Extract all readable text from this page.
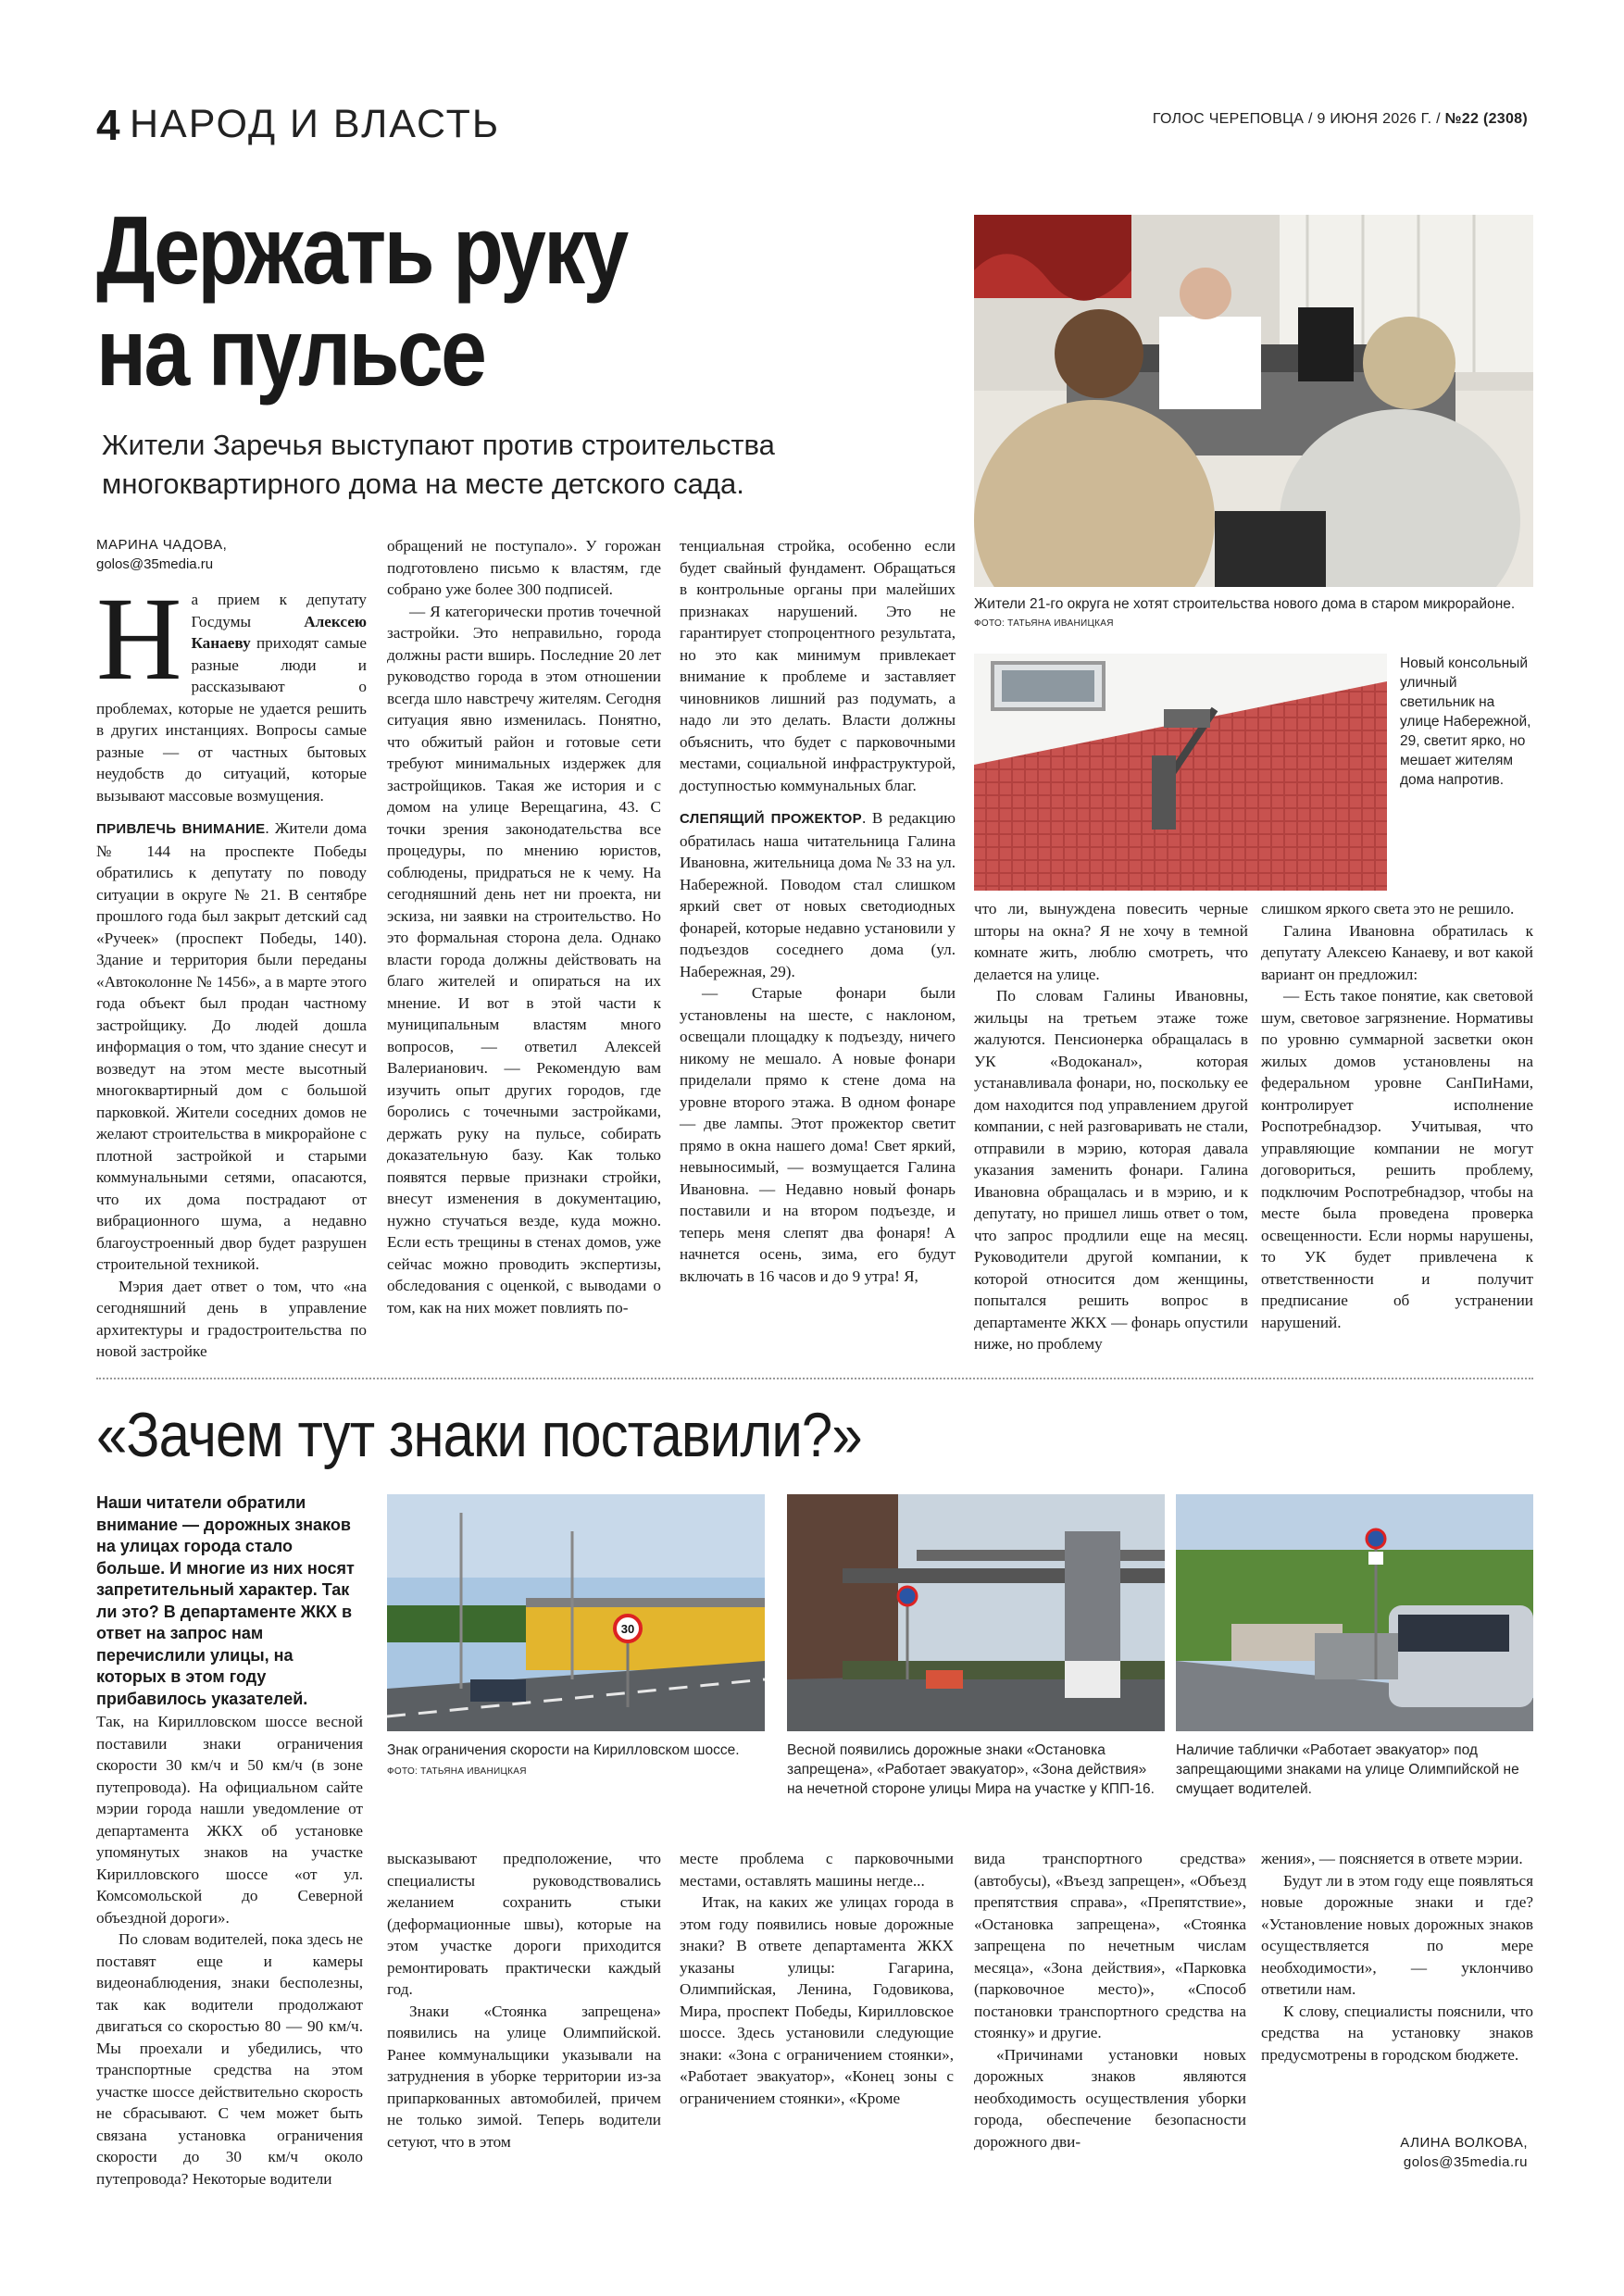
4 НАРОД И ВЛАСТЬ	ГОЛОС ЧЕРЕПОВЦА / 9 ИЮНЯ 2026 Г. / №22 (2308)
Держать руку
на пульсе
Жители Заречья выступают против строительства многоквартирного дома на месте детского сада.
МАРИНА ЧАДОВА,
golos@35media.ru

На прием к депутату Госдумы Алексею Канаеву приходят самые разные люди и рассказывают о проблемах, которые не удается решить в других инстанциях. Вопросы самые разные — от частных бытовых неудобств до ситуаций, которые вызывают массовые возмущения.

ПРИВЛЕЧЬ ВНИМАНИЕ. Жители дома № 144 на проспекте Победы обратились к депутату по поводу ситуации в округе № 21. В сентябре прошлого года был закрыт детский сад «Ручеек» (проспект Победы, 140). Здание и территория были переданы «Автоколонне № 1456», а в марте этого года объект был продан частному застройщику. До людей дошла информация о том, что здание снесут и возведут на этом месте высотный многоквартирный дом с большой парковкой. Жители соседних домов не желают строительства в микрорайоне с плотной застройкой и старыми коммунальными сетями, опасаются, что их дома пострадают от вибрационного шума, а недавно благоустроенный двор будет разрушен строительной техникой.

Мэрия дает ответ о том, что «на сегодняшний день в управление архитектуры и градостроительства по новой застройке

обращений не поступало». У горожан подготовлено письмо к властям, где собрано уже более 300 подписей.

— Я категорически против точечной застройки. Это неправильно, города должны расти вширь. Последние 20 лет руководство города в этом отношении всегда шло навстречу жителям. Сегодня ситуация явно изменилась. Понятно, что обжитый район и готовые сети требуют минимальных издержек для застройщиков. Такая же история и с домом на улице Верещагина, 43. С точки зрения законодательства все процедуры, по мнению юристов, соблюдены, придраться не к чему. На сегодняшний день нет ни проекта, ни эскиза, ни заявки на строительство. Но это формальная сторона дела. Однако власти города должны действовать на благо жителей и опираться на их мнение. И вот в этой части к муниципальным властям много вопросов, — ответил Алексей Валерианович. — Рекомендую вам изучить опыт других городов, где боролись с точечными застройками, держать руку на пульсе, собирать доказательную базу. Как только появятся первые признаки стройки, внесут изменения в документацию, нужно стучаться везде, куда можно. Если есть трещины в стенах домов, уже сейчас можно проводить экспертизы, обследования с оценкой, с выводами о том, как на них может повлиять по-

тенциальная стройка, особенно если будет свайный фундамент. Обращаться в контрольные органы при малейших признаках нарушений. Это не гарантирует стопроцентного результата, но это как минимум привлекает внимание к проблеме и заставляет чиновников лишний раз подумать, а надо ли это делать. Власти должны объяснить, что будет с парковочными местами, социальной инфраструктурой, доступностью коммунальных благ.

СЛЕПЯЩИЙ ПРОЖЕКТОР. В редакцию обратилась наша читательница Галина Ивановна, жительница дома № 33 на ул. Набережной. Поводом стал слишком яркий свет от новых светодиодных фонарей, которые недавно установили у подъездов соседнего дома (ул. Набережная, 29).

— Старые фонари были установлены на шесте, с наклоном, освещали площадку к подъезду, ничего никому не мешало. А новые фонари приделали прямо к стене дома на уровне второго этажа. В одном фонаре — две лампы. Этот прожектор светит прямо в окна нашего дома! Свет яркий, невыносимый, — возмущается Галина Ивановна. — Недавно новый фонарь поставили и на втором подъезде, и теперь меня слепят два фонаря! А начнется осень, зима, его будут включать в 16 часов и до 9 утра! Я,

что ли, вынуждена повесить черные шторы на окна? Я не хочу в темной комнате жить, люблю смотреть, что делается на улице.

По словам Галины Ивановны, жильцы на третьем этаже тоже жалуются. Пенсионерка обращалась в УК «Водоканал», которая устанавливала фонари, но, поскольку ее дом находится под управлением другой компании, с ней разговаривать не стали, отправили в мэрию, которая давала указания заменить фонари. Галина Ивановна обращалась и в мэрию, и к депутату, но пришел лишь ответ о том, что запрос продлили еще на месяц. Руководители другой компании, к которой относится дом женщины, попытался решить вопрос в департаменте ЖКХ — фонарь опустили ниже, но проблему

слишком яркого света это не решило.

Галина Ивановна обратилась к депутату Алексею Канаеву, и вот какой вариант он предложил:

— Есть такое понятие, как световой шум, световое загрязнение. Нормативы по уровню суммарной засветки окон жилых домов установлены на федеральном уровне СанПиНами, контролирует исполнение Роспотребнадзор. Учитывая, что управляющие компании не могут договориться, решить проблему, подключим Роспотребнадзор, чтобы на месте была проведена проверка освещенности. Если нормы нарушены, то УК будет привлечена к ответственности и получит предписание об устранении нарушений.

Жители 21-го округа не хотят строительства нового дома в старом микрорайоне.
ФОТО: ТАТЬЯНА ИВАНИЦКАЯ
Новый консольный уличный светильник на улице Набережной, 29, светит ярко, но мешает жителям дома напротив.
«Зачем тут знаки поставили?»
Наши читатели обратили внимание — дорожных знаков на улицах города стало больше. И многие из них носят запретительный характер. Так ли это? В департаменте ЖКХ в ответ на запрос нам перечислили улицы, на которых в этом году прибавилось указателей.

Так, на Кирилловском шоссе весной поставили знаки ограничения скорости 30 км/ч и 50 км/ч (в зоне путепровода). На официальном сайте мэрии города нашли уведомление от департамента ЖКХ об установке упомянутых знаков на участке Кирилловского шоссе «от ул. Комсомольской до Северной объездной дороги».

По словам водителей, пока здесь не поставят еще и камеры видеонаблюдения, знаки бесполезны, так как водители продолжают двигаться со скоростью 80 — 90 км/ч. Мы проехали и убедились, что транспортные средства на этом участке шоссе действительно скорость не сбрасывают. С чем может быть связана установка ограничения скорости до 30 км/ч около путепровода? Некоторые водители

высказывают предположение, что специалисты руководствовались желанием сохранить стыки (деформационные швы), которые на этом участке дороги приходится ремонтировать практически каждый год.

Знаки «Стоянка запрещена» появились на улице Олимпийской. Ранее коммунальщики указывали на затруднения в уборке территории из-за припаркованных автомобилей, причем не только зимой. Теперь водители сетуют, что в этом

месте проблема с парковочными местами, оставлять машины негде...

Итак, на каких же улицах города в этом году появились новые дорожные знаки? В ответе департамента ЖКХ указаны улицы: Гагарина, Олимпийская, Ленина, Годовикова, Мира, проспект Победы, Кирилловское шоссе. Здесь установили следующие знаки: «Зона с ограничением стоянки», «Работает эвакуатор», «Конец зоны с ограничением стоянки», «Кроме

вида транспортного средства» (автобусы), «Въезд запрещен», «Объезд препятствия справа», «Препятствие», «Остановка запрещена», «Стоянка запрещена по нечетным числам месяца», «Зона действия», «Парковка (парковочное место)», «Способ постановки транспортного средства на стоянку» и другие.

«Причинами установки новых дорожных знаков являются необходимость осуществления уборки города, обеспечение безопасности дорожного дви-

жения», — поясняется в ответе мэрии.

Будут ли в этом году еще появляться новые дорожные знаки и где? «Установление новых дорожных знаков осуществляется по мере необходимости», — уклончиво ответили нам.

К слову, специалисты пояснили, что средства на установку знаков предусмотрены в городском бюджете.

30
Знак ограничения скорости на Кирилловском шоссе. ФОТО: ТАТЬЯНА ИВАНИЦКАЯ
Весной появились дорожные знаки «Остановка запрещена», «Работает эвакуатор», «Зона действия» на нечетной стороне улицы Мира на участке у КПП-16.
Наличие таблички «Работает эвакуатор» под запрещающими знаками на улице Олимпийской не смущает водителей.
АЛИНА ВОЛКОВА,
golos@35media.ru
